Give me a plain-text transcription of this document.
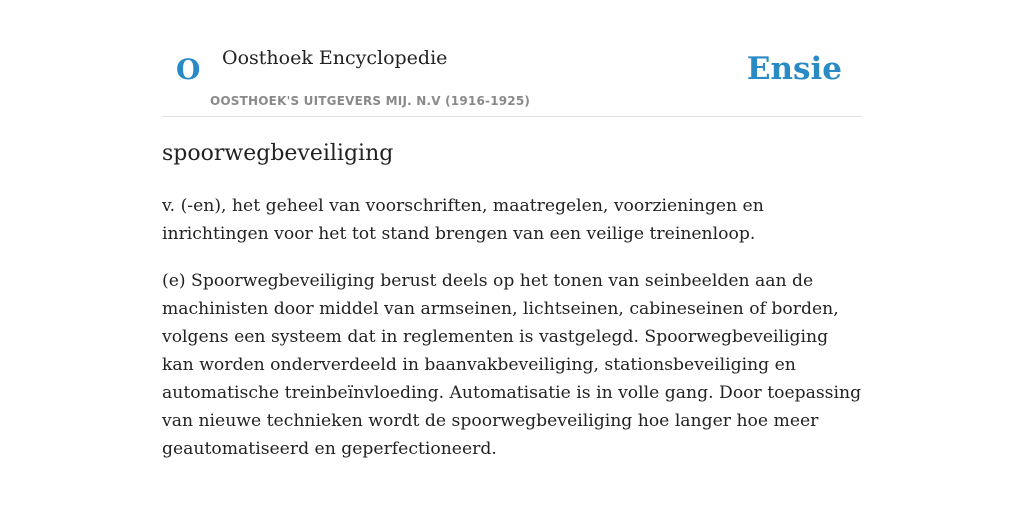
O Oosthoek Encyclopedie
OOSTHOEK'S UITGEVERS MIJ. N.V (1916-1925)
Ensie
spoorwegbeveiliging

v. (-en), het geheel van voorschriften, maatregelen, voorzieningen en inrichtingen voor het tot stand brengen van een veilige treinenloop.

(e) Spoorwegbeveiliging berust deels op het tonen van seinbeelden aan de machinisten door middel van armseinen, lichtseinen, cabineseinen of borden, volgens een systeem dat in reglementen is vastgelegd. Spoorwegbeveiliging kan worden onderverdeeld in baanvakbeveiliging, stationsbeveiliging en automatische treinbeïnvloeding. Automatisatie is in volle gang. Door toepassing van nieuwe technieken wordt de spoorwegbeveiliging hoe langer hoe meer geautomatiseerd en geperfectioneerd.
